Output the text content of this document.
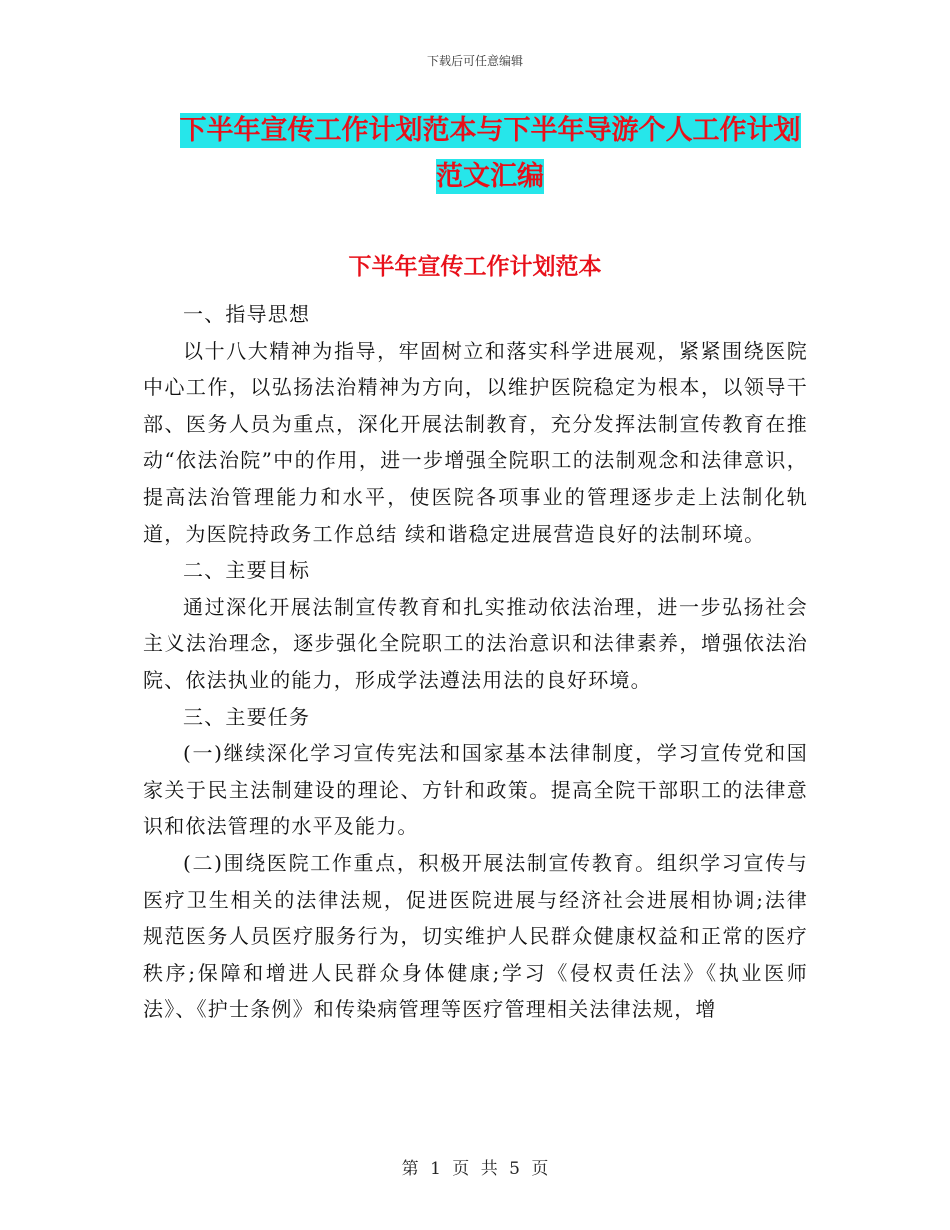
下载后可任意编辑
下半年宣传工作计划范本与下半年导游个人工作计划
范文汇编
下半年宣传工作计划范本

一、指导思想

以十八大精神为指导，牢固树立和落实科学进展观，紧紧围绕医院中心工作，以弘扬法治精神为方向，以维护医院稳定为根本，以领导干部、医务人员为重点，深化开展法制教育，充分发挥法制宣传教育在推动“依法治院”中的作用，进一步增强全院职工的法制观念和法律意识，提高法治管理能力和水平，使医院各项事业的管理逐步走上法制化轨道，为医院持政务工作总结 续和谐稳定进展营造良好的法制环境。

二、主要目标

通过深化开展法制宣传教育和扎实推动依法治理，进一步弘扬社会主义法治理念，逐步强化全院职工的法治意识和法律素养，增强依法治院、依法执业的能力，形成学法遵法用法的良好环境。

三、主要任务

(一)继续深化学习宣传宪法和国家基本法律制度，学习宣传党和国家关于民主法制建设的理论、方针和政策。提高全院干部职工的法律意识和依法管理的水平及能力。

(二)围绕医院工作重点，积极开展法制宣传教育。组织学习宣传与医疗卫生相关的法律法规，促进医院进展与经济社会进展相协调;法律规范医务人员医疗服务行为，切实维护人民群众健康权益和正常的医疗秩序;保障和增进人民群众身体健康;学习《侵权责任法》《执业医师法》、《护士条例》和传染病管理等医疗管理相关法律法规，增

第 1 页 共 5 页
